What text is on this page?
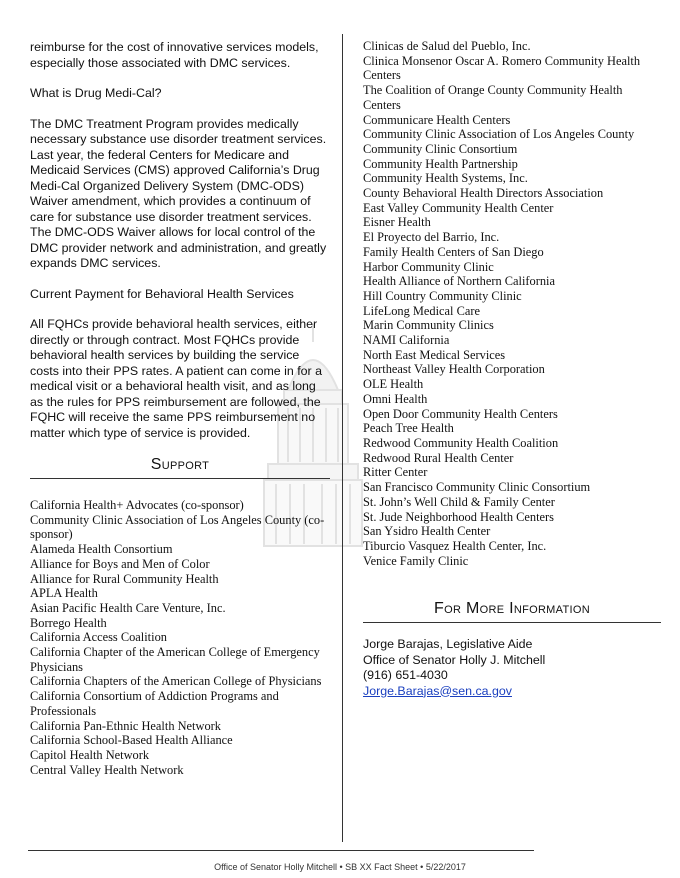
reimburse for the cost of innovative services models, especially those associated with DMC services.

What is Drug Medi-Cal?

The DMC Treatment Program provides medically necessary substance use disorder treatment services. Last year, the federal Centers for Medicare and Medicaid Services (CMS) approved California’s Drug Medi-Cal Organized Delivery System (DMC-ODS) Waiver amendment, which provides a continuum of care for substance use disorder treatment services. The DMC-ODS Waiver allows for local control of the DMC provider network and administration, and greatly expands DMC services.

Current Payment for Behavioral Health Services

All FQHCs provide behavioral health services, either directly or through contract. Most FQHCs provide behavioral health services by building the service costs into their PPS rates. A patient can come in for a medical visit or a behavioral health visit, and as long as the rules for PPS reimbursement are followed, the FQHC will receive the same PPS reimbursement no matter which type of service is provided.

Support
California Health+ Advocates (co-sponsor)
Community Clinic Association of Los Angeles County (co-sponsor)
Alameda Health Consortium
Alliance for Boys and Men of Color
Alliance for Rural Community Health
APLA Health
Asian Pacific Health Care Venture, Inc.
Borrego Health
California Access Coalition
California Chapter of the American College of Emergency Physicians
California Chapters of the American College of Physicians
California Consortium of Addiction Programs and Professionals
California Pan-Ethnic Health Network
California School-Based Health Alliance
Capitol Health Network
Central Valley Health Network
Clinicas de Salud del Pueblo, Inc.
Clinica Monsenor Oscar A. Romero Community Health Centers
The Coalition of Orange County Community Health Centers
Communicare Health Centers
Community Clinic Association of Los Angeles County
Community Clinic Consortium
Community Health Partnership
Community Health Systems, Inc.
County Behavioral Health Directors Association
East Valley Community Health Center
Eisner Health
El Proyecto del Barrio, Inc.
Family Health Centers of San Diego
Harbor Community Clinic
Health Alliance of Northern California
Hill Country Community Clinic
LifeLong Medical Care
Marin Community Clinics
NAMI California
North East Medical Services
Northeast Valley Health Corporation
OLE Health
Omni Health
Open Door Community Health Centers
Peach Tree Health
Redwood Community Health Coalition
Redwood Rural Health Center
Ritter Center
San Francisco Community Clinic Consortium
St. John’s Well Child & Family Center
St. Jude Neighborhood Health Centers
San Ysidro Health Center
Tiburcio Vasquez Health Center, Inc.
Venice Family Clinic
For More Information
Jorge Barajas, Legislative Aide
Office of Senator Holly J. Mitchell
(916) 651-4030
Jorge.Barajas@sen.ca.gov
Office of Senator Holly Mitchell • SB XX Fact Sheet • 5/22/2017
